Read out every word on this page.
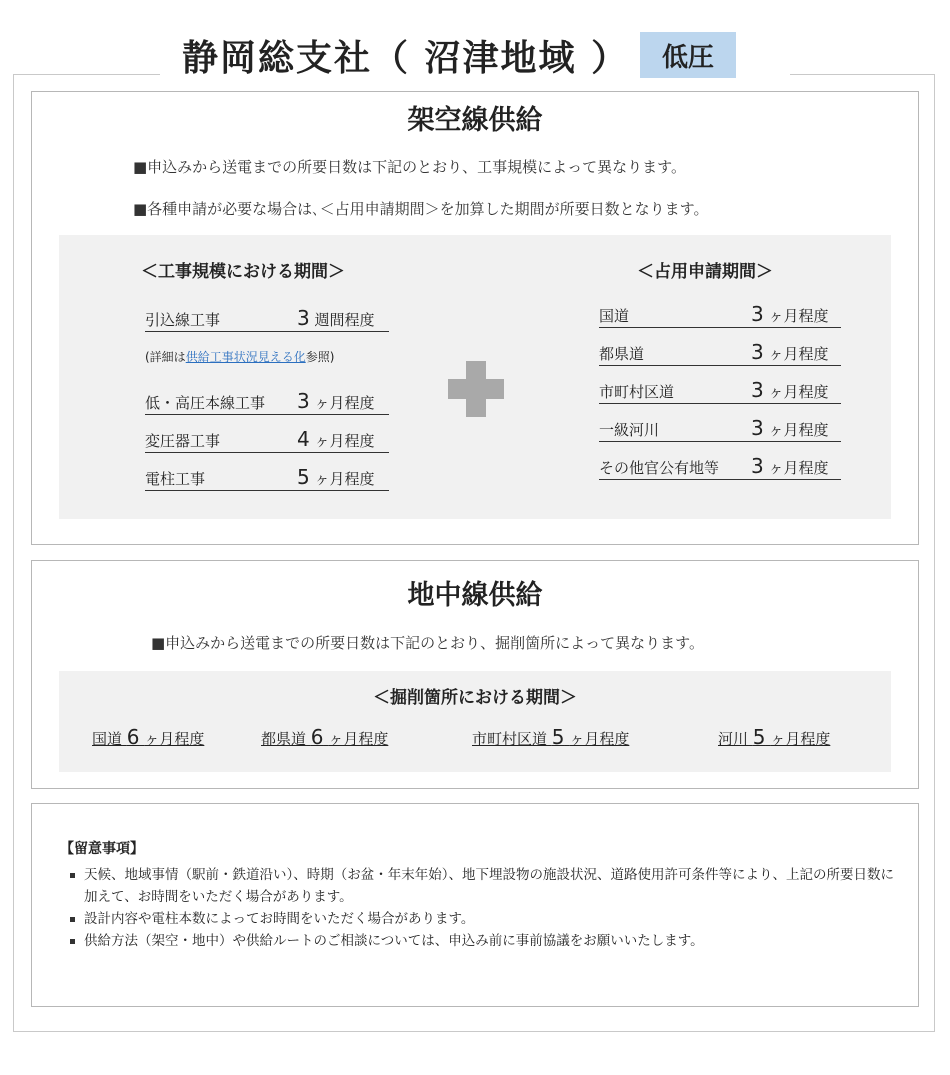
静岡総支社（ 沼津地域 ）	低圧
架空線供給
■申込みから送電までの所要日数は下記のとおり、工事規模によって異なります。
■各種申請が必要な場合は､＜占用申請期間＞を加算した期間が所要日数となります。
＜工事規模における期間＞	＜占用申請期間＞
引込線工事	3 週間程度
(詳細は供給工事状況見える化参照)
低・高圧本線工事 3 ヶ月程度
変圧器工事	4 ヶ月程度
電柱工事	5 ヶ月程度
国道	3 ヶ月程度
都県道	3 ヶ月程度
市町村区道	3 ヶ月程度
一級河川	3 ヶ月程度
その他官公有地等 3 ヶ月程度
地中線供給
■申込みから送電までの所要日数は下記のとおり、掘削箇所によって異なります。
＜掘削箇所における期間＞
国道 6 ヶ月程度	都県道 6 ヶ月程度	市町村区道 5 ヶ月程度	河川 5 ヶ月程度
【留意事項】
天候、地域事情（駅前・鉄道沿い）、時期（お盆・年末年始）、地下埋設物の施設状況、道路使用許可条件等により、上記の所要日数に加えて、お時間をいただく場合があります。
設計内容や電柱本数によってお時間をいただく場合があります。
供給方法（架空・地中）や供給ルートのご相談については、申込み前に事前協議をお願いいたします。
